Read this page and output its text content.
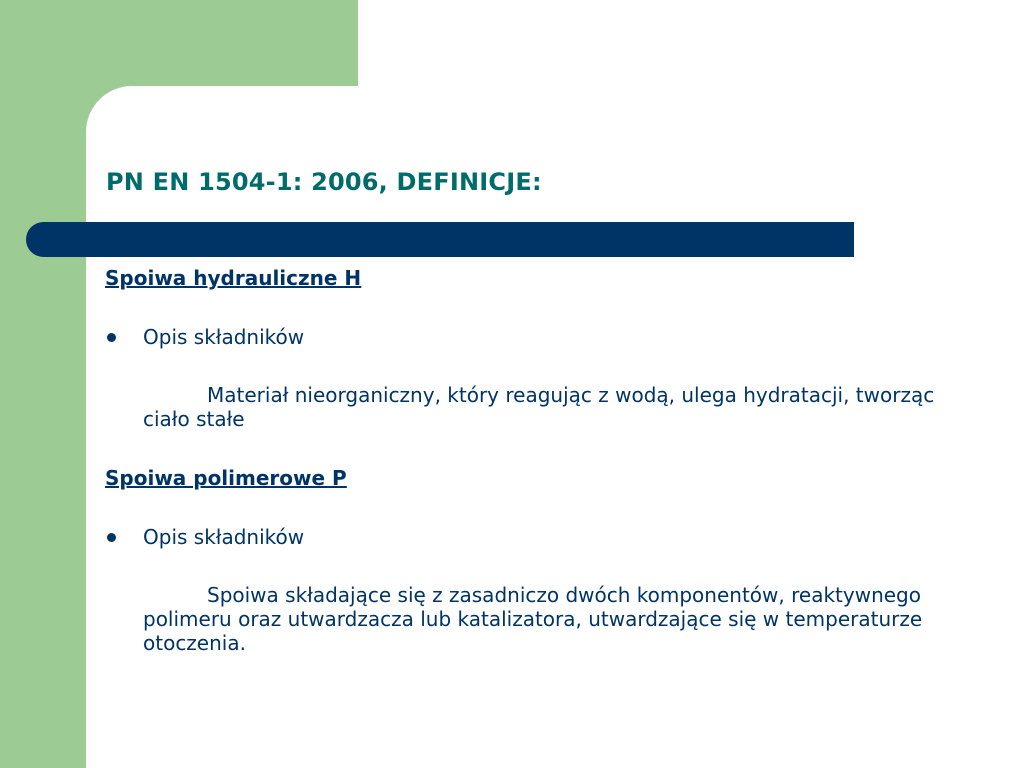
PN EN 1504-1: 2006, DEFINICJE:

Spoiwa hydrauliczne H

Opis składników

Materiał nieorganiczny, który reagując z wodą, ulega hydratacji, tworząc ciało stałe

Spoiwa polimerowe P

Opis składników

Spoiwa składające się z zasadniczo dwóch komponentów, reaktywnego polimeru oraz utwardzacza lub katalizatora, utwardzające się w temperaturze otoczenia.
